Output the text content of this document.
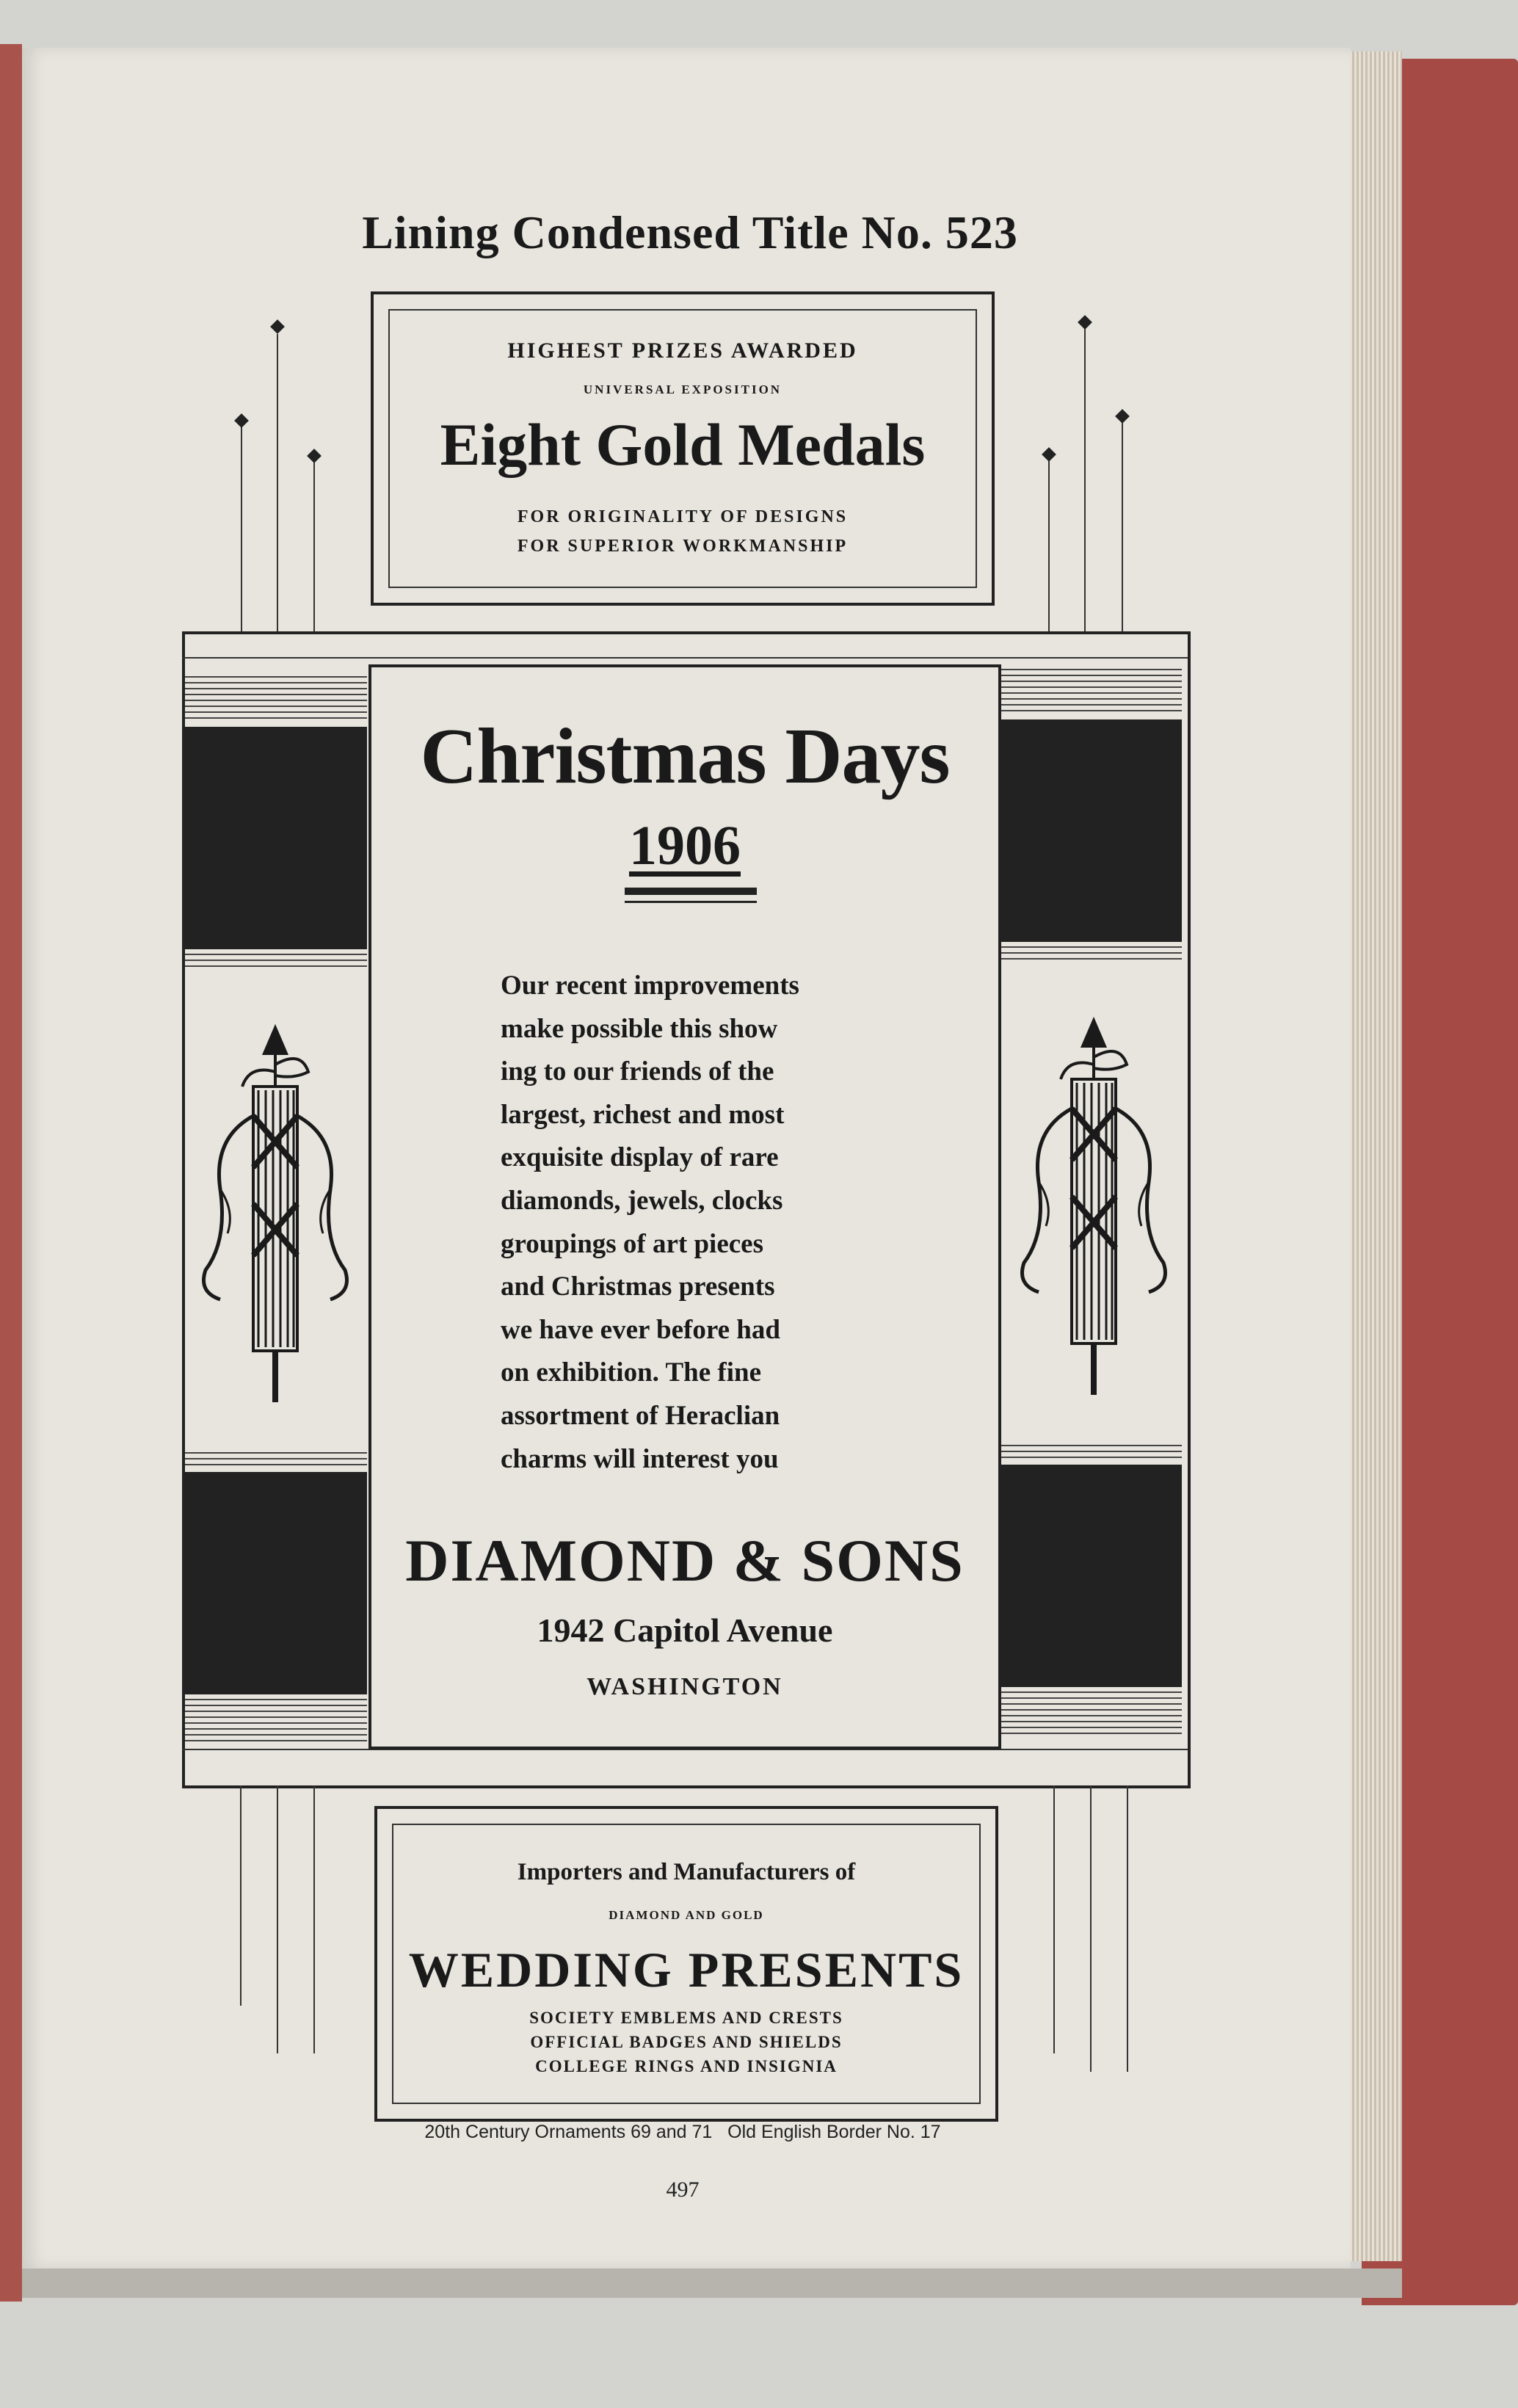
Lining Condensed Title No. 523
HIGHEST PRIZES AWARDED
UNIVERSAL EXPOSITION
Eight Gold Medals
FOR ORIGINALITY OF DESIGNS
FOR SUPERIOR WORKMANSHIP
Christmas Days
1906
Our recent improvements
make possible this show
ing to our friends of the
largest, richest and most
exquisite display of rare
diamonds, jewels, clocks
groupings of art pieces
and Christmas presents
we have ever before had
on exhibition. The fine
assortment of Heraclian
charms will interest you
DIAMOND & SONS
1942 Capitol Avenue
WASHINGTON
Importers and Manufacturers of
DIAMOND AND GOLD
WEDDING PRESENTS
SOCIETY EMBLEMS AND CRESTS
OFFICIAL BADGES AND SHIELDS
COLLEGE RINGS AND INSIGNIA
20th Century Ornaments 69 and 71   Old English Border No. 17
497
